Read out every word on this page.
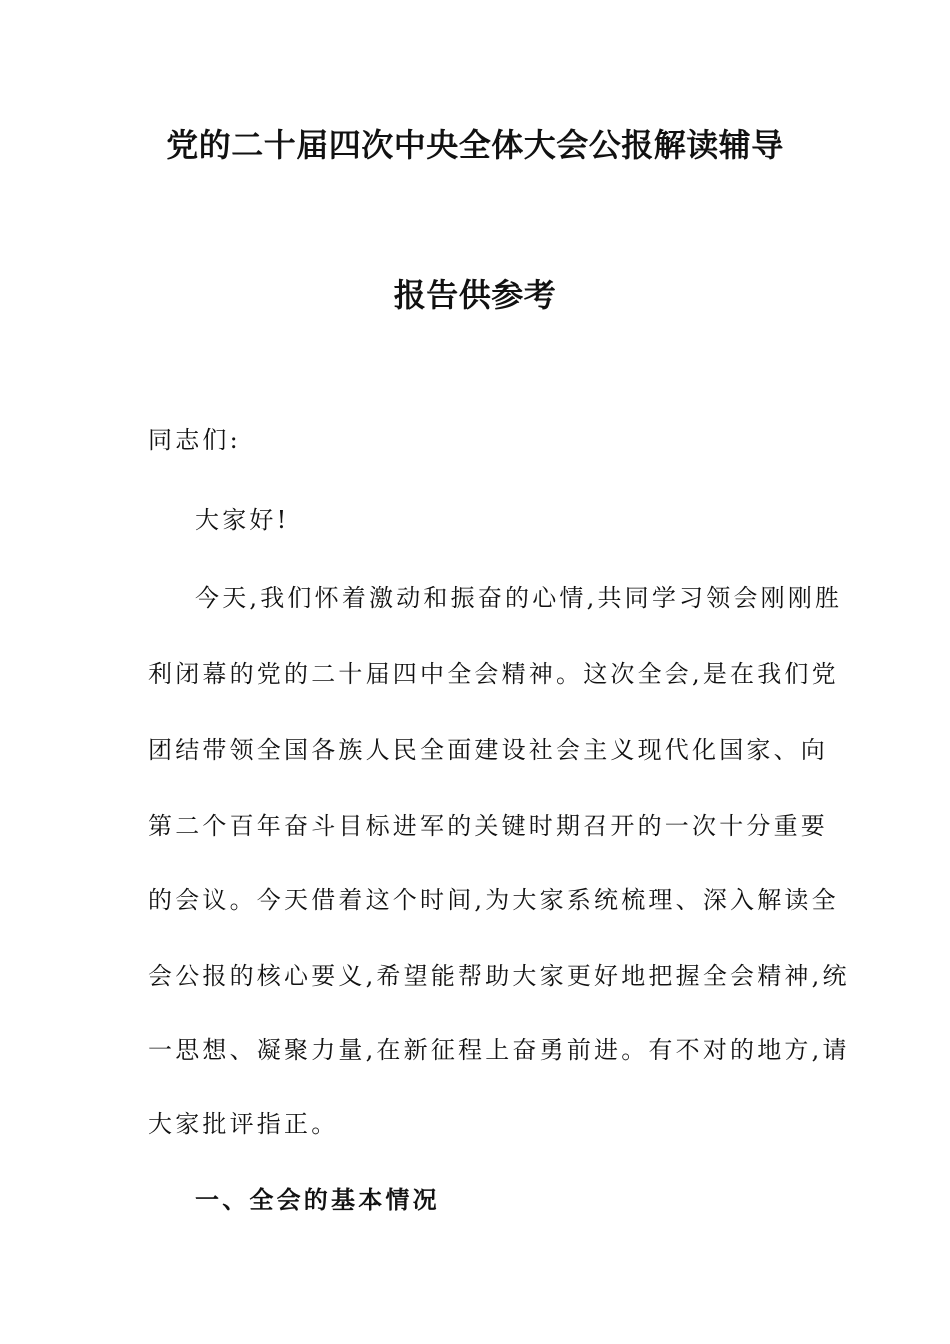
党的二十届四次中央全体大会公报解读辅导
报告供参考
同志们:
大家好!
今天,我们怀着激动和振奋的心情,共同学习领会刚刚胜
利闭幕的党的二十届四中全会精神。这次全会,是在我们党
团结带领全国各族人民全面建设社会主义现代化国家、向
第二个百年奋斗目标进军的关键时期召开的一次十分重要
的会议。今天借着这个时间,为大家系统梳理、深入解读全
会公报的核心要义,希望能帮助大家更好地把握全会精神,统
一思想、凝聚力量,在新征程上奋勇前进。有不对的地方,请
大家批评指正。
一、全会的基本情况
